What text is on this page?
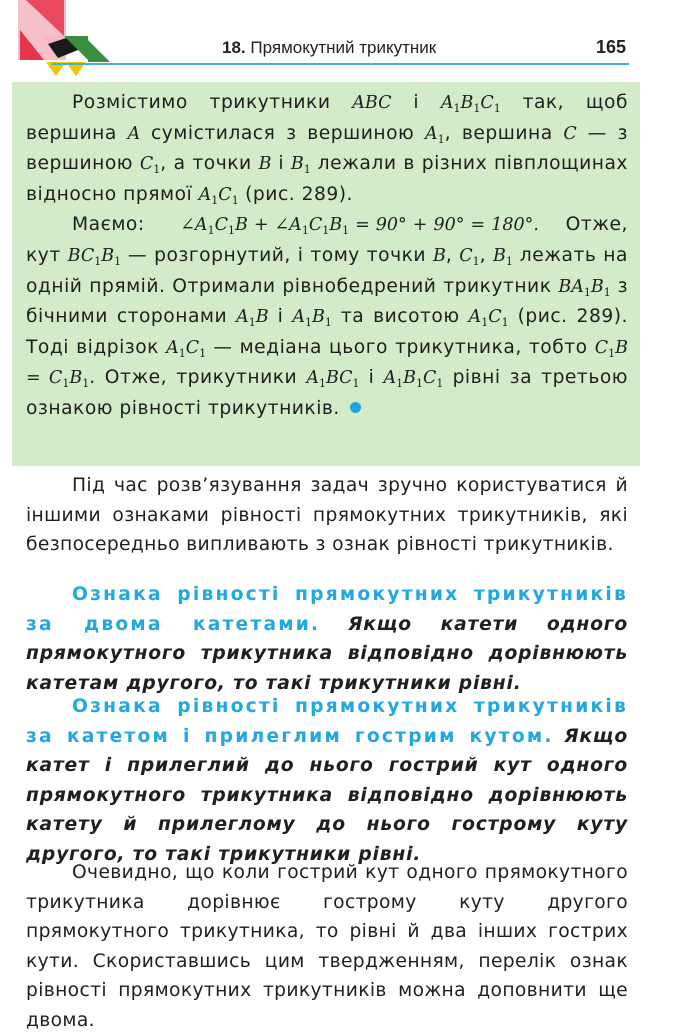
18. Прямокутний трикутник	165

Розмістимо трикутники ABC і $A_1B_1C_1$ так, щоб вершина A сумістилася з вершиною $A_1$, вершина C — з вершиною $C_1$, а точки B і $B_1$ лежали в різних півплощинах відносно прямої $A_1C_1$ (рис. 289).

Маємо: $\angle A_1C_1B$ + $\angle A_1C_1B_1 = 90^\circ + 90^\circ = 180^\circ$. Отже, кут $BC_1B_1$ — розгорнутий, і тому точки B, $C_1$, $B_1$ лежать на одній прямій. Отримали рівнобедрений трикутник $BA_1B_1$ з бічними сторонами $A_1B$ і $A_1B_1$ та висотою $A_1C_1$ (рис. 289). Тоді відрізок $A_1C_1$ — медіана цього трикутника, тобто $C_1B = C_1B_1$. Отже, трикутники $A_1BC_1$ і $A_1B_1C_1$ рівні за третьою ознакою рівності трикутників.

Під час розв’язування задач зручно користуватися й іншими ознаками рівності прямокутних трикутників, які безпосередньо випливають з ознак рівності трикутників.

Ознака рівності прямокутних трикутників за двома катетами. Якщо катети одного прямокутного трикутника відповідно дорівнюють катетам другого, то такі трикутники рівні.

Ознака рівності прямокутних трикутників за катетом і прилеглим гострим кутом. Якщо катет і прилеглий до нього гострий кут одного прямокутного трикутника відповідно дорівнюють катету й прилеглому до нього гострому куту другого, то такі трикутники рівні.

Очевидно, що коли гострий кут одного прямокутного трикутника дорівнює гострому куту другого прямокутного трикутника, то рівні й два інших гострих кути. Скориставшись цим твердженням, перелік ознак рівності прямокутних трикутників можна доповнити ще двома.
